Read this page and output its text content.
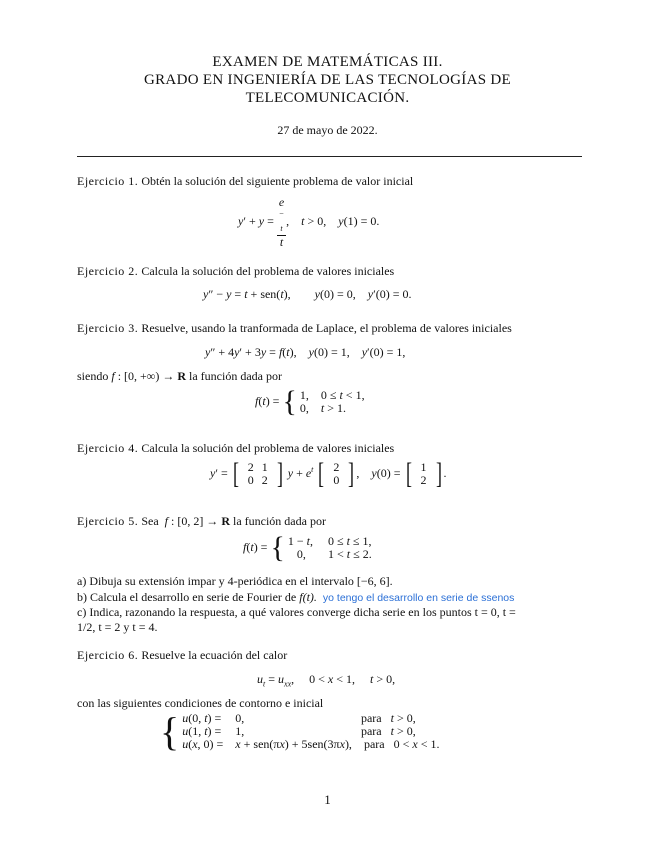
EXAMEN DE MATEMÁTICAS III.
GRADO EN INGENIERÍA DE LAS TECNOLOGÍAS DE
TELECOMUNICACIÓN.
27 de mayo de 2022.
Ejercicio 1. Obtén la solución del siguiente problema de valor inicial
y′ + y = e
$^{- t}$
t ,    t > 0,    y(1) = 0.
Ejercicio 2. Calcula la solución del problema de valores iniciales
y″ − y = t + sen(t),        y(0) = 0,    y′(0) = 0.
Ejercicio 3. Resuelve, usando la tranformada de Laplace, el problema de valores iniciales
y″ + 4y′ + 3y = f(t),    y(0) = 1,    y′(0) = 1,
siendo f : [0, +∞) → R la función dada por
f(t) = { 1,	0 ≤ t < 1,
0,	t > 1.
Ejercicio 4. Calcula la solución del problema de valores iniciales
y′ = [ 2	1
0	2 ] $y + e^t$ [ 2
0 ] ,    y(0) = [ 1
2 ] .
Ejercicio 5. Sea f : [0, 2] → R la función dada por
f(t) = { 1 − t,	0 ≤ t ≤ 1,
0,	1 < t ≤ 2.
a) Dibuja su extensión impar y 4-periódica en el intervalo [−6, 6].
b) Calcula el desarrollo en serie de Fourier de f(t). yo tengo el desarrollo en serie de ssenos
c) Indica, razonando la respuesta, a qué valores converge dicha serie en los puntos t = 0, t =
1/2, t = 2 y t = 4.
Ejercicio 6. Resuelve la ecuación del calor
$u_t = u_{xx}$,     0 < x < 1,     t > 0,
con las siguientes condiciones de contorno e inicial
{ u(0, t) =	0,	para   t > 0,
u(1, t) =	1,	para   t > 0,
u(x, 0) =	x + sen(πx) + 5sen(3πx),	para   0 < x < 1.
1
